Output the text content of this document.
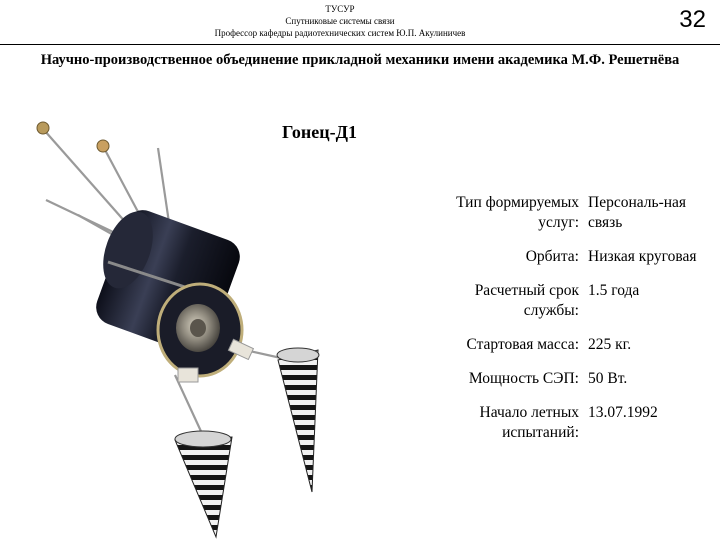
ТУСУР
Спутниковые системы связи
Профессор кафедры радиотехнических систем Ю.П. Акулиничев	32
Научно-производственное объединение прикладной механики имени академика М.Ф. Решетнёва
Гонец-Д1
Тип формируемых услуг:
Персональ-ная связь
Орбита: Низкая круговая
Расчетный срок службы:
1.5 года
Стартовая масса: 225 кг.
Мощность СЭП: 50 Вт.
Начало летных испытаний:
13.07.1992
